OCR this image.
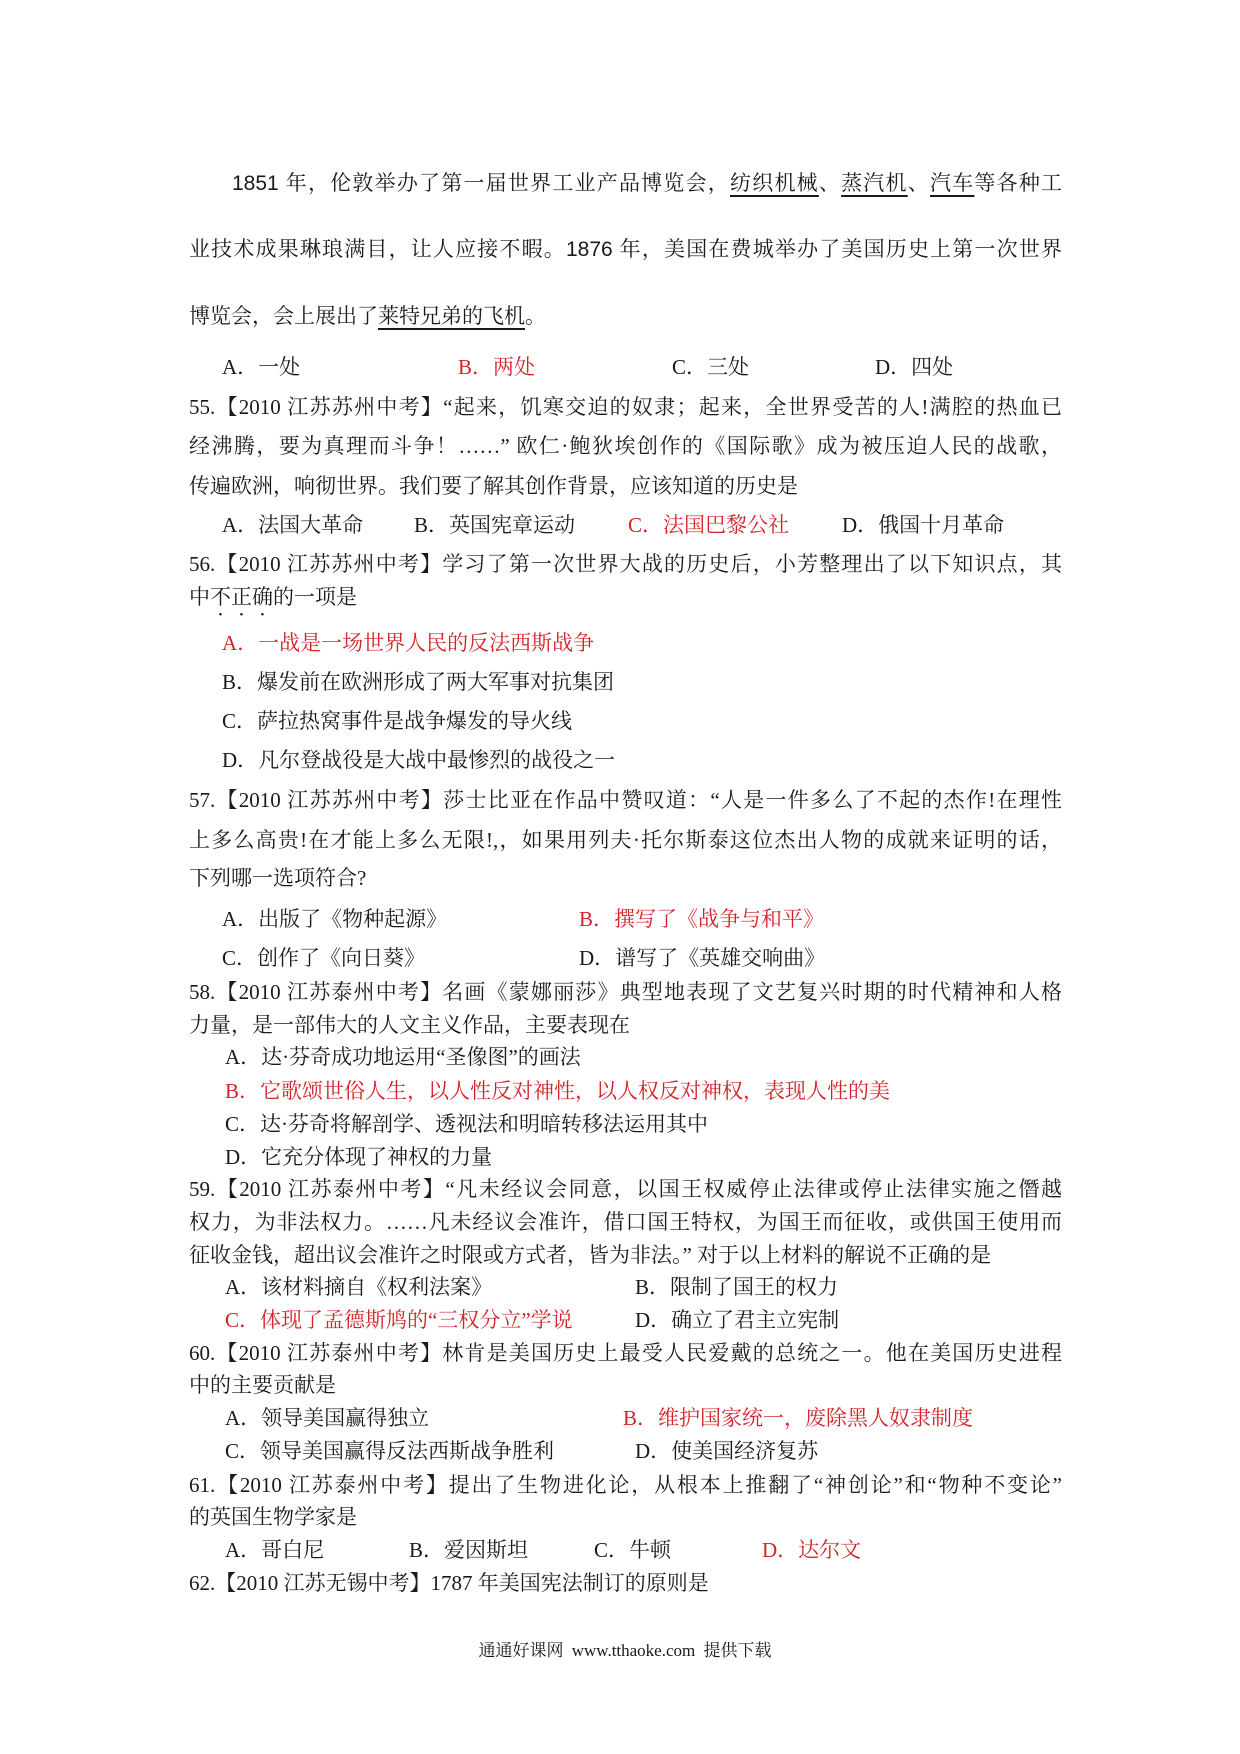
1851 年，伦敦举办了第一届世界工业产品博览会，纺织机械、蒸汽机、汽车等各种工
业技术成果琳琅满目，让人应接不暇。1876 年，美国在费城举办了美国历史上第一次世界
博览会，会上展出了莱特兄弟的飞机。
A．一处	B．两处	C．三处	D．四处
55.【2010 江苏苏州中考】“起来，饥寒交迫的奴隶；起来，全世界受苦的人!满腔的热血已
经沸腾，要为真理而斗争！……” 欧仁·鲍狄埃创作的《国际歌》成为被压迫人民的战歌，
传遍欧洲，响彻世界。我们要了解其创作背景，应该知道的历史是
A．法国大革命 B．英国宪章运动	C．法国巴黎公社	D．俄国十月革命
56.【2010 江苏苏州中考】学习了第一次世界大战的历史后，小芳整理出了以下知识点，其
中不正确的一项是
A．一战是一场世界人民的反法西斯战争
B．爆发前在欧洲形成了两大军事对抗集团
C．萨拉热窝事件是战争爆发的导火线
D．凡尔登战役是大战中最惨烈的战役之一
57.【2010 江苏苏州中考】莎士比亚在作品中赞叹道：“人是一件多么了不起的杰作!在理性
上多么高贵!在才能上多么无限!,，如果用列夫·托尔斯泰这位杰出人物的成就来证明的话，
下列哪一选项符合?
A．出版了《物种起源》	B．撰写了《战争与和平》
C．创作了《向日葵》	D．谱写了《英雄交响曲》
58.【2010 江苏泰州中考】名画《蒙娜丽莎》典型地表现了文艺复兴时期的时代精神和人格
力量，是一部伟大的人文主义作品，主要表现在
A．达·芬奇成功地运用“圣像图”的画法
B．它歌颂世俗人生，以人性反对神性，以人权反对神权，表现人性的美
C．达·芬奇将解剖学、透视法和明暗转移法运用其中
D．它充分体现了神权的力量
59.【2010 江苏泰州中考】“凡未经议会同意，以国王权威停止法律或停止法律实施之僭越
权力，为非法权力。……凡未经议会准许，借口国王特权，为国王而征收，或供国王使用而
征收金钱，超出议会准许之时限或方式者，皆为非法。” 对于以上材料的解说不正确的是
A．该材料摘自《权利法案》	B．限制了国王的权力
C．体现了孟德斯鸠的“三权分立”学说	D．确立了君主立宪制
60.【2010 江苏泰州中考】林肯是美国历史上最受人民爱戴的总统之一。他在美国历史进程
中的主要贡献是
A．领导美国赢得独立	B．维护国家统一，废除黑人奴隶制度
C．领导美国赢得反法西斯战争胜利	D．使美国经济复苏
61.【2010 江苏泰州中考】提出了生物进化论，从根本上推翻了“神创论”和“物种不变论”
的英国生物学家是
A．哥白尼	B．爱因斯坦	C．牛顿	D．达尔文
62.【2010 江苏无锡中考】1787 年美国宪法制订的原则是
通通好课网 www.tthaoke.com 提供下载
